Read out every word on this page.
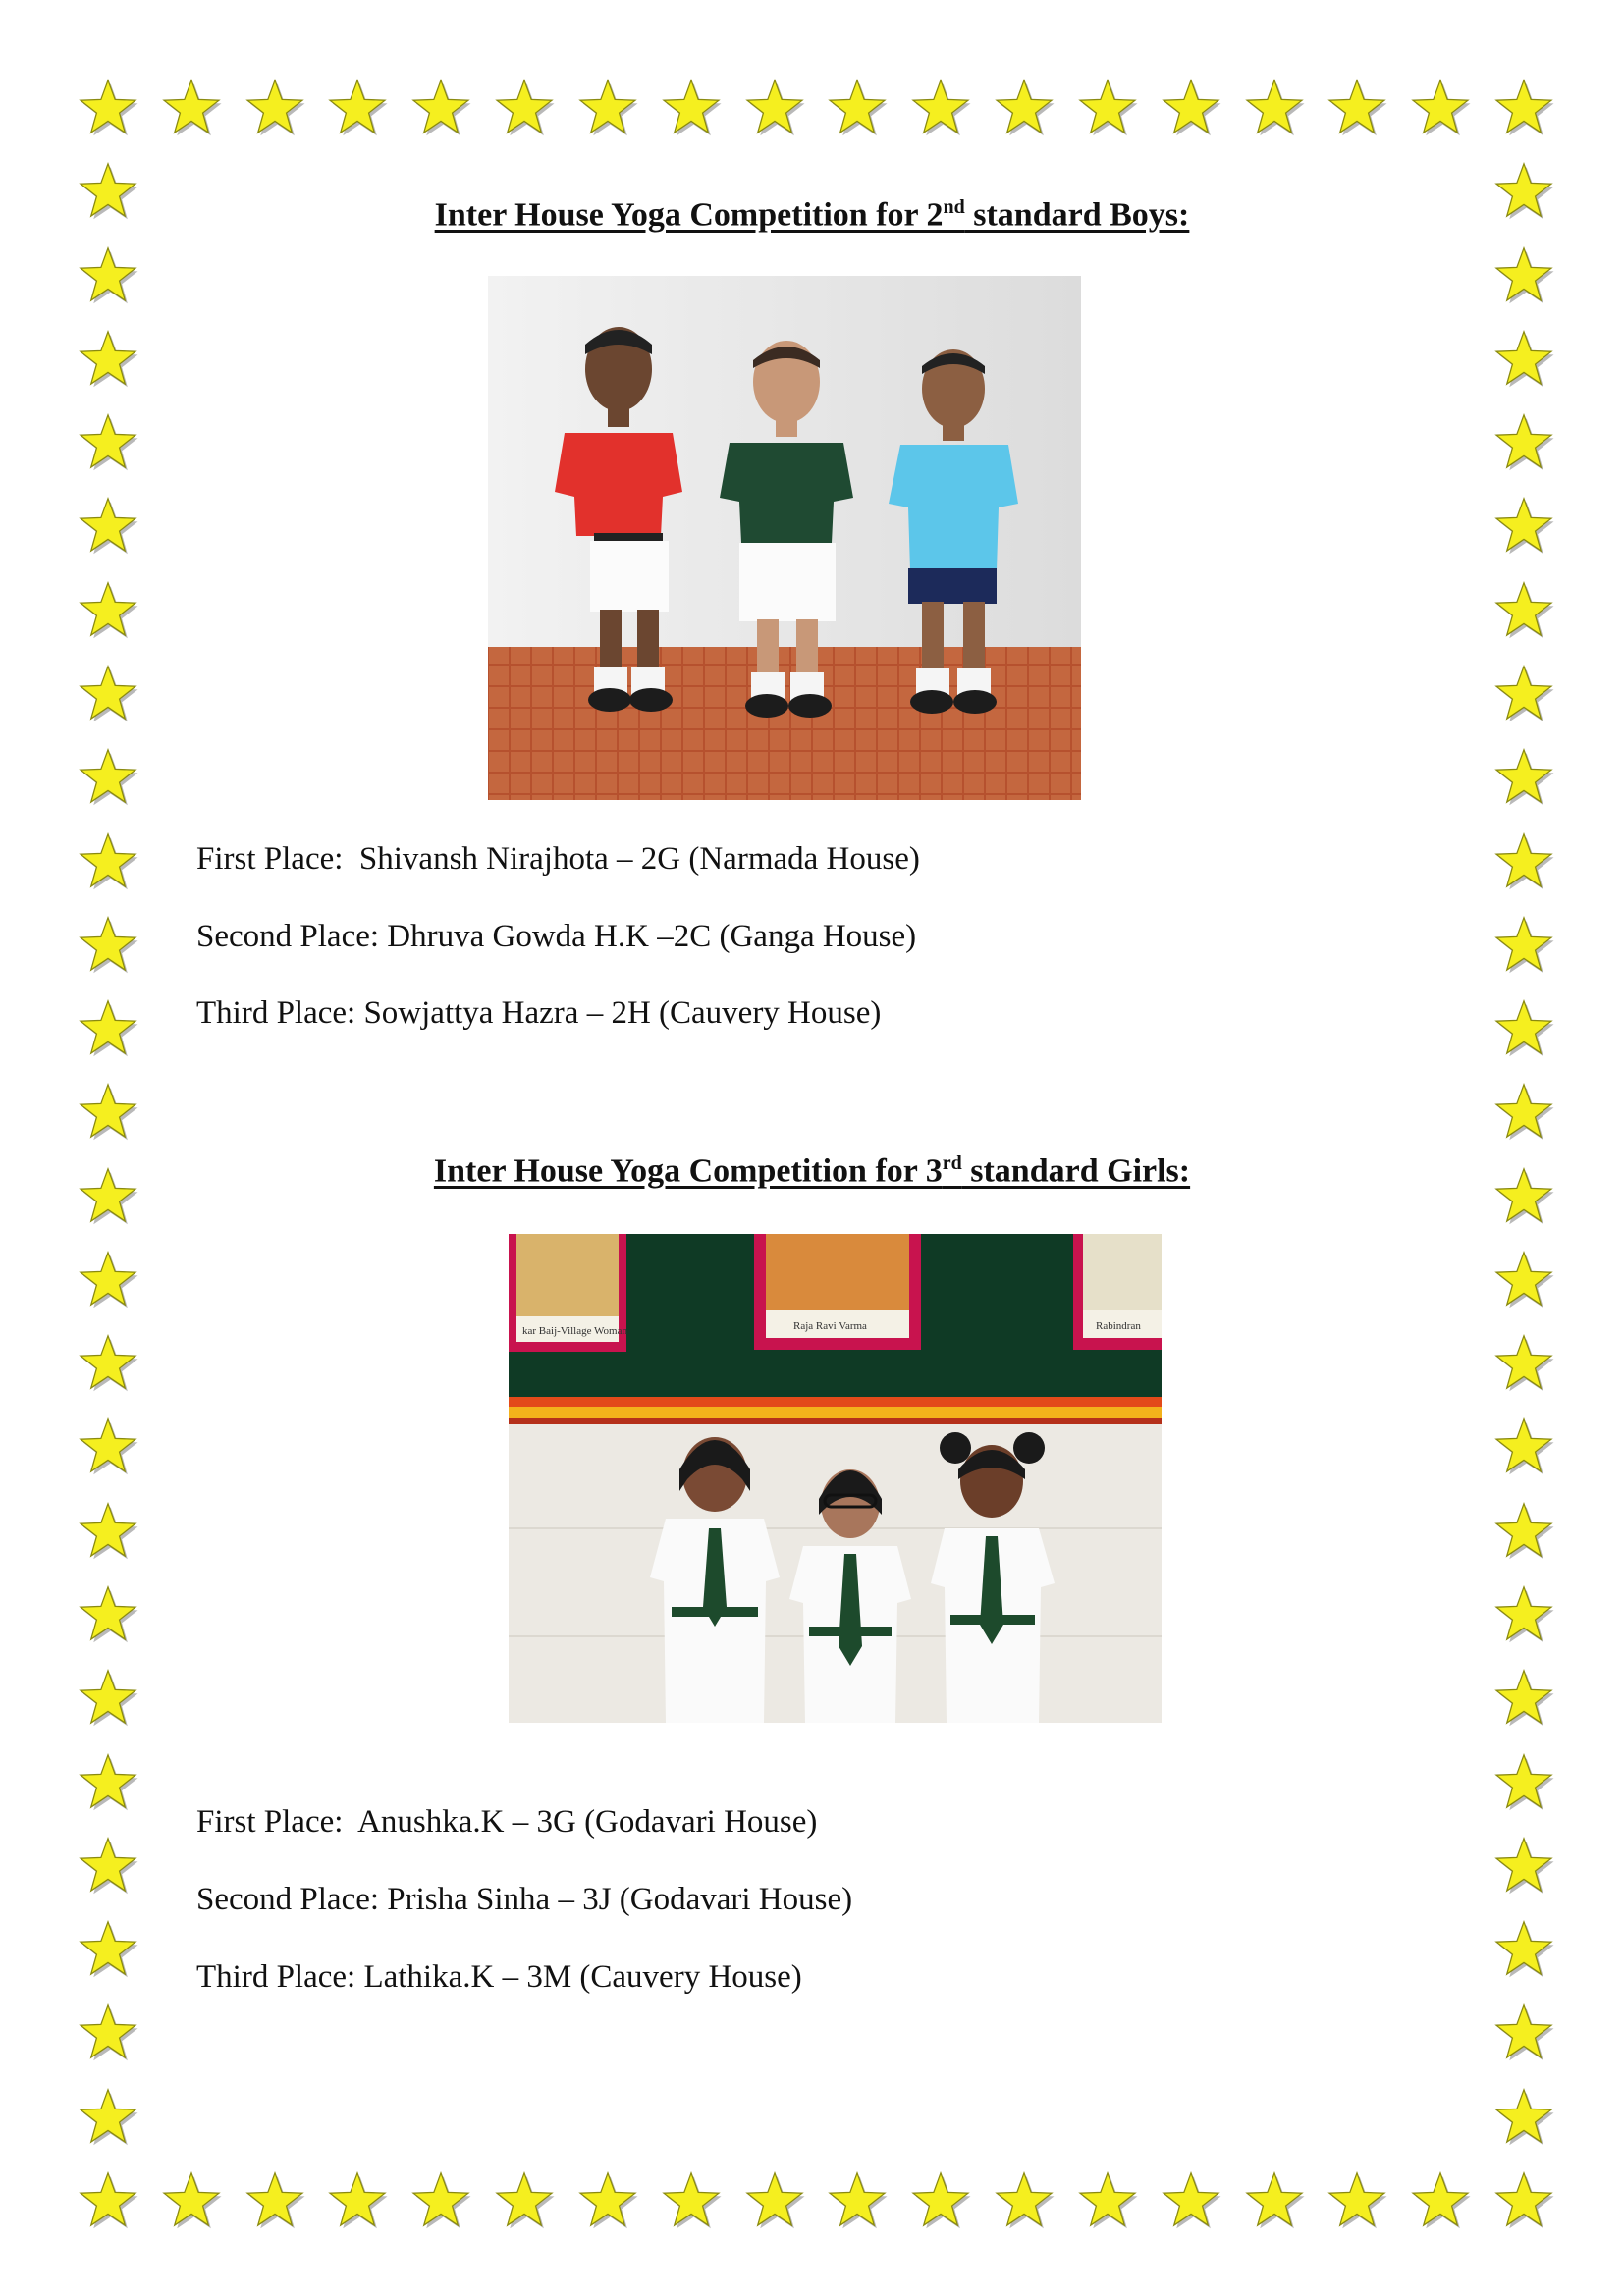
Inter House Yoga Competition for 2nd standard Boys:
First Place:  Shivansh Nirajhota – 2G (Narmada House)
Second Place: Dhruva Gowda H.K –2C (Ganga House)
Third Place: Sowjattya Hazra – 2H (Cauvery House)
Inter House Yoga Competition for 3rd standard Girls:
kar Baij-Village Woman	Raja Ravi Varma	Rabindran
First Place:  Anushka.K – 3G (Godavari House)
Second Place: Prisha Sinha – 3J (Godavari House)
Third Place: Lathika.K – 3M (Cauvery House)
